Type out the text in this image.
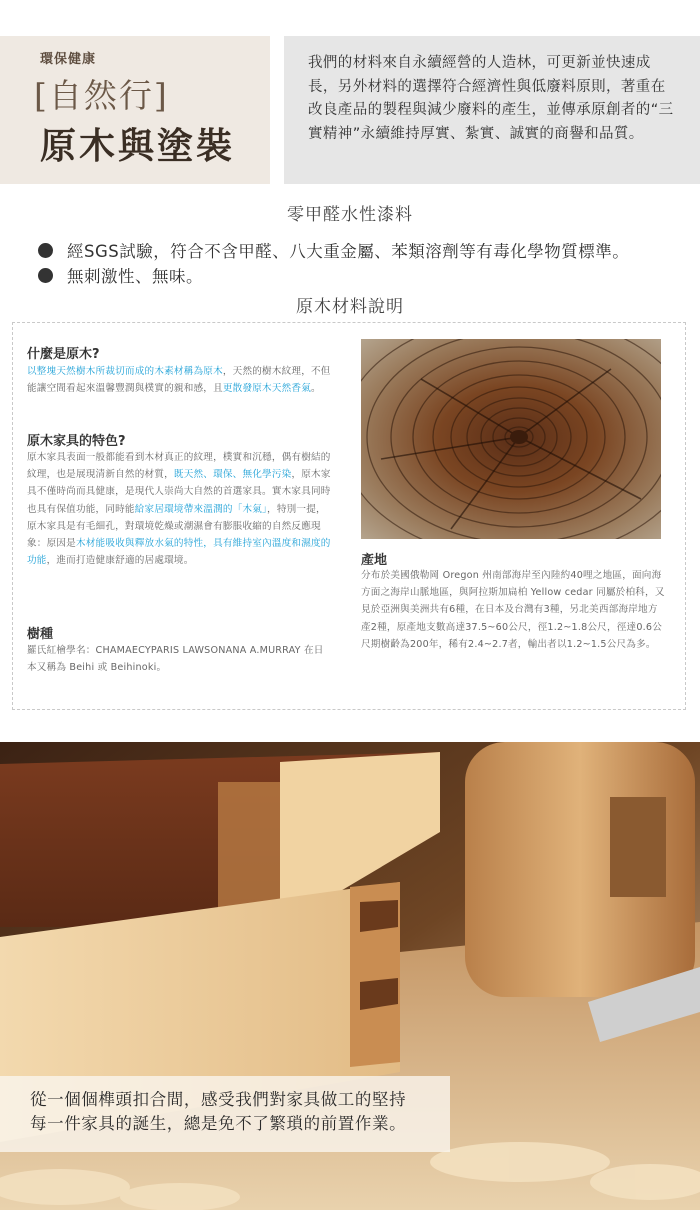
環保健康
[自然行]
原木與塗裝
我們的材料來自永續經營的人造林，可更新並快速成長，另外材料的選擇符合經濟性與低廢料原則，著重在改良產品的製程與減少廢料的產生，並傳承原創者的“三實精神”永續維持厚實、紮實、誠實的商譽和品質。
零甲醛水性漆料
經SGS試驗，符合不含甲醛、八大重金屬、苯類溶劑等有毒化學物質標準。
無刺激性、無味。
原木材料說明
什麼是原木?
以整塊天然樹木所裁切而成的木素材稱為原木，天然的樹木紋理，不但能讓空間看起來溫馨豐潤與樸實的親和感，且更散發原木天然香氣。
原木家具的特色?
原木家具表面一般都能看到木材真正的紋理，樸實和沉穩，偶有樹結的紋理，也是展現清新自然的材質，既天然、環保、無化學污染，原木家具不僅時尚而具健康，是現代人崇尚大自然的首選家具。實木家具同時也具有保值功能，同時能給家居環境帶來溫潤的「木氣」，特別一提，原木家具是有毛細孔，對環境乾燥或潮濕會有膨脹收縮的自然反應現象：原因是木材能吸收與釋放水氣的特性，具有維持室內溫度和濕度的功能，進而打造健康舒適的居處環境。
樹種
羅氏紅檜學名：CHAMAECYPARIS LAWSONANA A.MURRAY 在日本又稱為 Beihi 或 Beihinoki。
產地
分布於美國俄勒岡 Oregon 州南部海岸至內陸約40哩之地區，面向海方面之海岸山脈地區，與阿拉斯加扁柏 Yellow cedar 同屬於柏科，又見於亞洲與美洲共有6種，在日本及台灣有3種，另北美西部海岸地方產2種，原產地支數高達37.5~60公尺，徑1.2~1.8公尺，徑達0.6公尺期樹齡為200年，稀有2.4~2.7者，輸出者以1.2~1.5公尺為多。
從一個個榫頭扣合間，感受我們對家具做工的堅持
每一件家具的誕生，總是免不了繁瑣的前置作業。
